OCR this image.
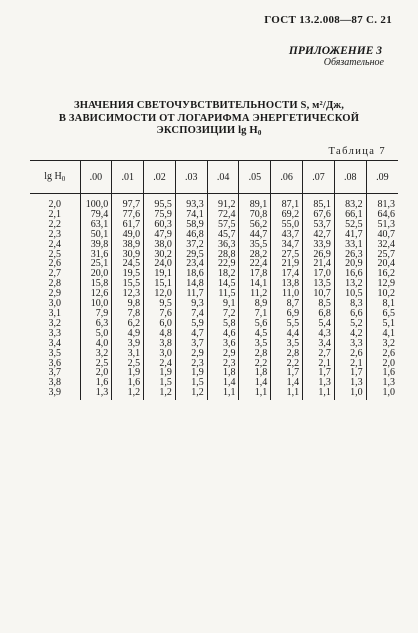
ГОСТ 13.2.008—87 С. 21
ПРИЛОЖЕНИЕ 3
Обязательное
ЗНАЧЕНИЯ СВЕТОЧУВСТВИТЕЛЬНОСТИ S, м²/Дж,
В ЗАВИСИМОСТИ ОТ ЛОГАРИФМА ЭНЕРГЕТИЧЕСКОЙ
ЭКСПОЗИЦИИ $\lg H_0$
Таблица 7
$\lg H_0$	.00	.01	.02	.03	.04	.05	.06	.07	.08	.09
2,0	100,0	97,7	95,5	93,3	91,2	89,1	87,1	85,1	83,2	81,3
2,1	79,4	77,6	75,9	74,1	72,4	70,8	69,2	67,6	66,1	64,6
2,2	63,1	61,7	60,3	58,9	57,5	56,2	55,0	53,7	52,5	51,3
2,3	50,1	49,0	47,9	46,8	45,7	44,7	43,7	42,7	41,7	40,7
2,4	39,8	38,9	38,0	37,2	36,3	35,5	34,7	33,9	33,1	32,4
2,5	31,6	30,9	30,2	29,5	28,8	28,2	27,5	26,9	26,3	25,7
2,6	25,1	24,5	24,0	23,4	22,9	22,4	21,9	21,4	20,9	20,4
2,7	20,0	19,5	19,1	18,6	18,2	17,8	17,4	17,0	16,6	16,2
2,8	15,8	15,5	15,1	14,8	14,5	14,1	13,8	13,5	13,2	12,9
2,9	12,6	12,3	12,0	11,7	11,5	11,2	11,0	10,7	10,5	10,2
3,0	10,0	9,8	9,5	9,3	9,1	8,9	8,7	8,5	8,3	8,1
3,1	7,9	7,8	7,6	7,4	7,2	7,1	6,9	6,8	6,6	6,5
3,2	6,3	6,2	6,0	5,9	5,8	5,6	5,5	5,4	5,2	5,1
3,3	5,0	4,9	4,8	4,7	4,6	4,5	4,4	4,3	4,2	4,1
3,4	4,0	3,9	3,8	3,7	3,6	3,5	3,5	3,4	3,3	3,2
3,5	3,2	3,1	3,0	2,9	2,9	2,8	2,8	2,7	2,6	2,6
3,6	2,5	2,5	2,4	2,3	2,3	2,2	2,2	2,1	2,1	2,0
3,7	2,0	1,9	1,9	1,9	1,8	1,8	1,7	1,7	1,7	1,6
3,8	1,6	1,6	1,5	1,5	1,4	1,4	1,4	1,3	1,3	1,3
3,9	1,3	1,2	1,2	1,2	1,1	1,1	1,1	1,1	1,0	1,0
